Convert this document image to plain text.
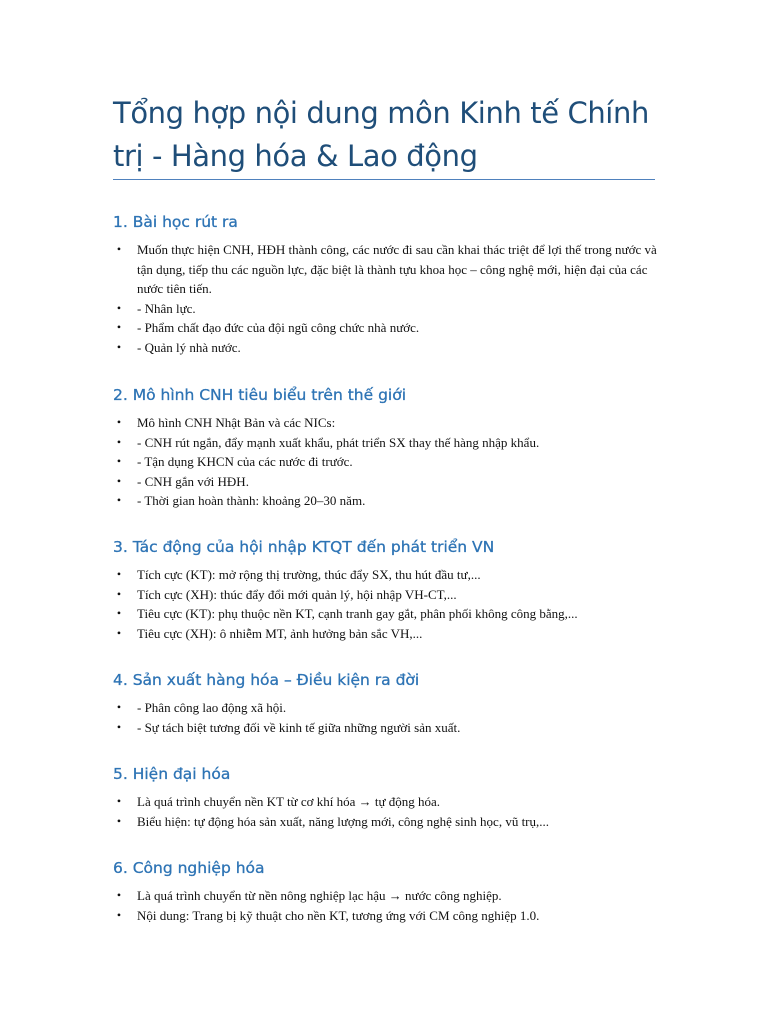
Tổng hợp nội dung môn Kinh tế Chính trị - Hàng hóa & Lao động
1. Bài học rút ra
•	Muốn thực hiện CNH, HĐH thành công, các nước đi sau cần khai thác triệt để lợi thế trong nước và tận dụng, tiếp thu các nguồn lực, đặc biệt là thành tựu khoa học – công nghệ mới, hiện đại của các nước tiên tiến.
•	- Nhân lực.
•	- Phẩm chất đạo đức của đội ngũ công chức nhà nước.
•	- Quản lý nhà nước.
2. Mô hình CNH tiêu biểu trên thế giới
•	Mô hình CNH Nhật Bản và các NICs:
•	- CNH rút ngắn, đẩy mạnh xuất khẩu, phát triển SX thay thế hàng nhập khẩu.
•	- Tận dụng KHCN của các nước đi trước.
•	- CNH gắn với HĐH.
•	- Thời gian hoàn thành: khoảng 20–30 năm.
3. Tác động của hội nhập KTQT đến phát triển VN
•	Tích cực (KT): mở rộng thị trường, thúc đẩy SX, thu hút đầu tư,...
•	Tích cực (XH): thúc đẩy đổi mới quản lý, hội nhập VH-CT,...
•	Tiêu cực (KT): phụ thuộc nền KT, cạnh tranh gay gắt, phân phối không công bằng,...
•	Tiêu cực (XH): ô nhiễm MT, ảnh hưởng bản sắc VH,...
4. Sản xuất hàng hóa – Điều kiện ra đời
•	- Phân công lao động xã hội.
•	- Sự tách biệt tương đối về kinh tế giữa những người sản xuất.
5. Hiện đại hóa
•	Là quá trình chuyển nền KT từ cơ khí hóa → tự động hóa.
•	Biểu hiện: tự động hóa sản xuất, năng lượng mới, công nghệ sinh học, vũ trụ,...
6. Công nghiệp hóa
•	Là quá trình chuyển từ nền nông nghiệp lạc hậu → nước công nghiệp.
•	Nội dung: Trang bị kỹ thuật cho nền KT, tương ứng với CM công nghiệp 1.0.
